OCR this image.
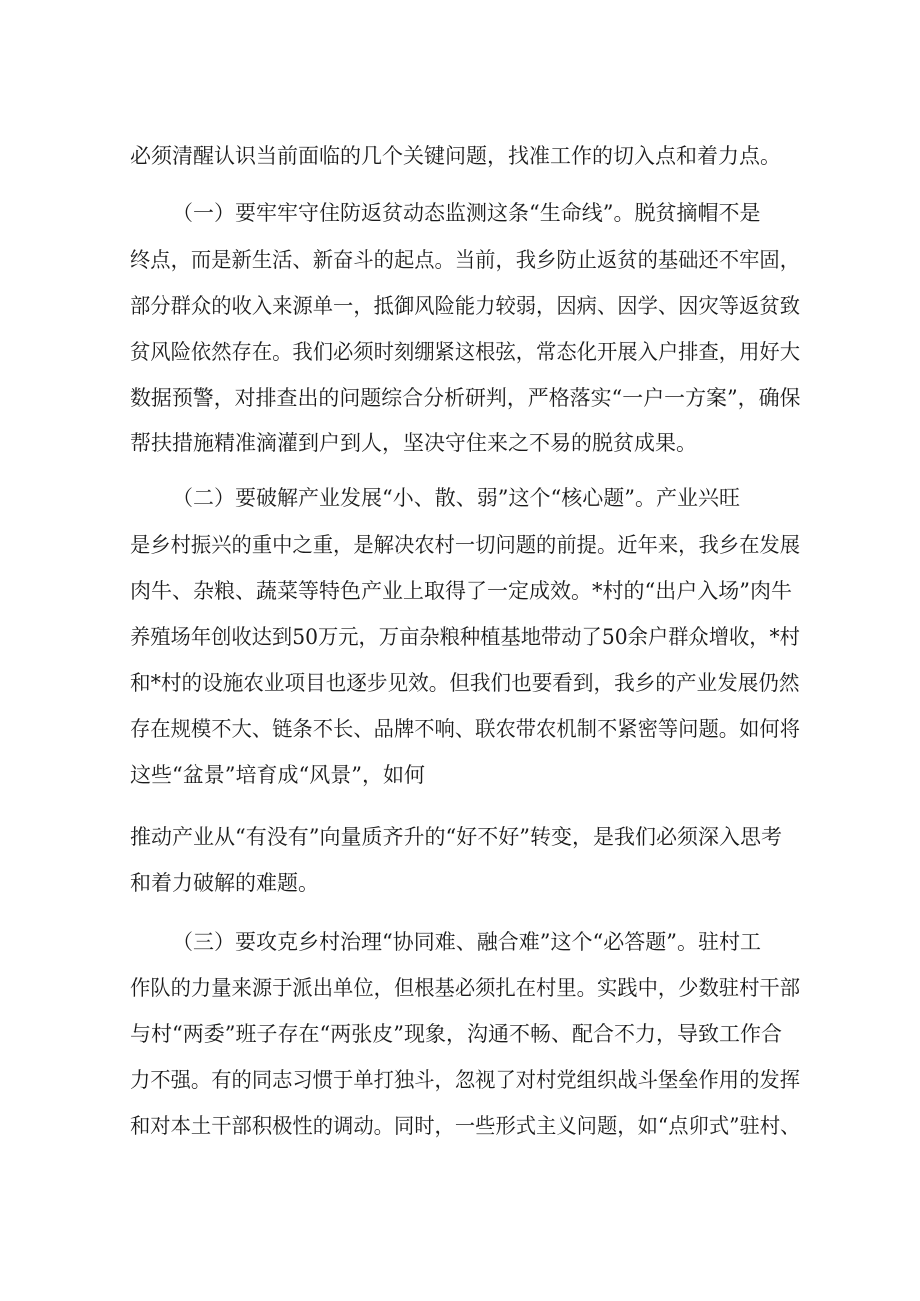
必须清醒认识当前面临的几个关键问题，找准工作的切入点和着力点。
（一）要牢牢守住防返贫动态监测这条“生命线”。脱贫摘帽不是
终点，而是新生活、新奋斗的起点。当前，我乡防止返贫的基础还不牢固，
部分群众的收入来源单一，抵御风险能力较弱，因病、因学、因灾等返贫致
贫风险依然存在。我们必须时刻绷紧这根弦，常态化开展入户排查，用好大
数据预警，对排查出的问题综合分析研判，严格落实“一户一方案”，确保
帮扶措施精准滴灌到户到人，坚决守住来之不易的脱贫成果。
（二）要破解产业发展“小、散、弱”这个“核心题”。产业兴旺
是乡村振兴的重中之重，是解决农村一切问题的前提。近年来，我乡在发展
肉牛、杂粮、蔬菜等特色产业上取得了一定成效。*村的“出户入场”肉牛
养殖场年创收达到50万元，万亩杂粮种植基地带动了50余户群众增收，*村
和*村的设施农业项目也逐步见效。但我们也要看到，我乡的产业发展仍然
存在规模不大、链条不长、品牌不响、联农带农机制不紧密等问题。如何将
这些“盆景”培育成“风景”，如何
推动产业从“有没有”向量质齐升的“好不好”转变，是我们必须深入思考
和着力破解的难题。
（三）要攻克乡村治理“协同难、融合难”这个“必答题”。驻村工
作队的力量来源于派出单位，但根基必须扎在村里。实践中，少数驻村干部
与村“两委”班子存在“两张皮”现象，沟通不畅、配合不力，导致工作合
力不强。有的同志习惯于单打独斗，忽视了对村党组织战斗堡垒作用的发挥
和对本土干部积极性的调动。同时，一些形式主义问题，如“点卯式”驻村、
